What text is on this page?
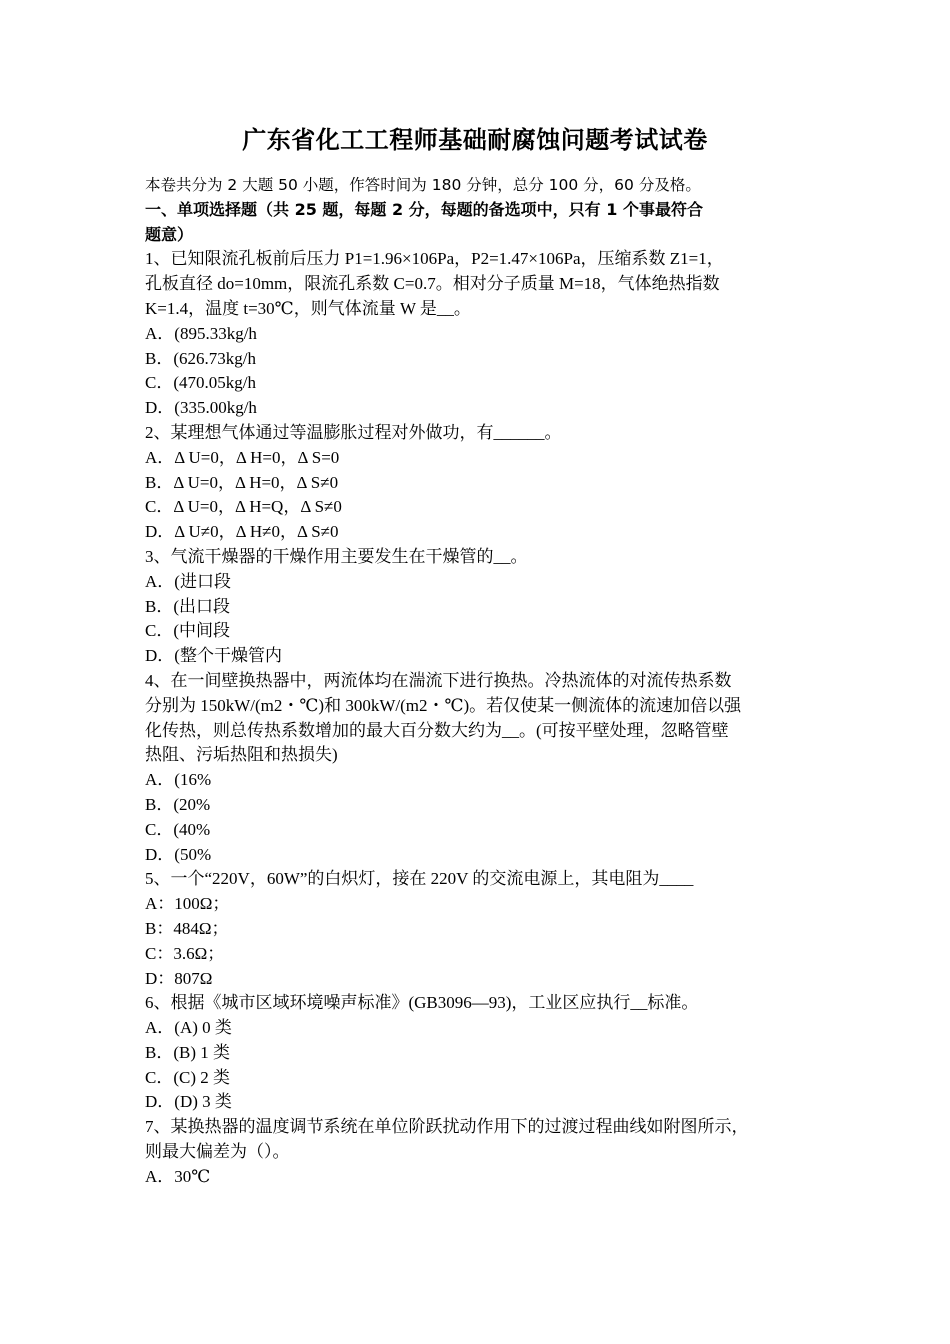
广东省化工工程师基础耐腐蚀问题考试试卷
本卷共分为 2 大题 50 小题，作答时间为 180 分钟，总分 100 分，60 分及格。
一、单项选择题（共 25 题，每题 2 分，每题的备选项中，只有 1 个事最符合
题意）
1、已知限流孔板前后压力 P1=1.96×106Pa，P2=1.47×106Pa，压缩系数 Z1=1，
孔板直径 do=10mm，限流孔系数 C=0.7。相对分子质量 M=18，气体绝热指数
K=1.4，温度 t=30℃，则气体流量 W 是__。
A．(895.33kg/h
B．(626.73kg/h
C．(470.05kg/h
D．(335.00kg/h
2、某理想气体通过等温膨胀过程对外做功，有______。
A．Δ U=0，Δ H=0，Δ S=0
B．Δ U=0，Δ H=0，Δ S≠0
C．Δ U=0，Δ H=Q，Δ S≠0
D．Δ U≠0，Δ H≠0，Δ S≠0
3、气流干燥器的干燥作用主要发生在干燥管的__。
A．(进口段
B．(出口段
C．(中间段
D．(整个干燥管内
4、在一间壁换热器中，两流体均在湍流下进行换热。冷热流体的对流传热系数
分别为 150kW/(m2・℃)和 300kW/(m2・℃)。若仅使某一侧流体的流速加倍以强
化传热，则总传热系数增加的最大百分数大约为__。(可按平壁处理，忽略管壁
热阻、污垢热阻和热损失)
A．(16%
B．(20%
C．(40%
D．(50%
5、一个“220V，60W”的白炽灯，接在 220V 的交流电源上，其电阻为____
A：100Ω；
B：484Ω；
C：3.6Ω；
D：807Ω
6、根据《城市区域环境噪声标准》(GB3096—93)，工业区应执行__标准。
A．(A) 0 类
B．(B) 1 类
C．(C) 2 类
D．(D) 3 类
7、某换热器的温度调节系统在单位阶跃扰动作用下的过渡过程曲线如附图所示，
则最大偏差为（）。
A．30℃
